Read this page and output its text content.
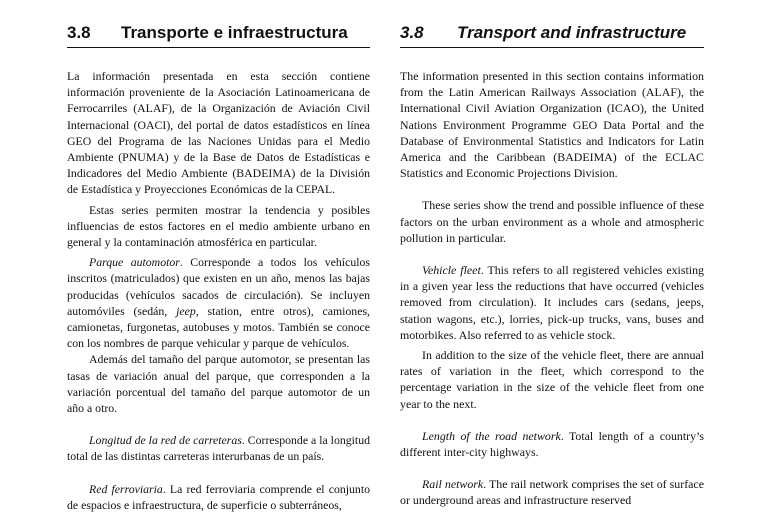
3.8 Transporte e infraestructura

La información presentada en esta sección contiene información proveniente de la Asociación Latinoamericana de Ferrocarriles (ALAF), de la Organización de Aviación Civil Internacional (OACI), del portal de datos estadísticos en línea GEO del Programa de las Naciones Unidas para el Medio Ambiente (PNUMA) y de la Base de Datos de Estadísticas e Indicadores del Medio Ambiente (BADEIMA) de la División de Estadística y Proyecciones Económicas de la CEPAL.

Estas series permiten mostrar la tendencia y posibles influencias de estos factores en el medio ambiente urbano en general y la contaminación atmosférica en particular.

Parque automotor. Corresponde a todos los vehículos inscritos (matriculados) que existen en un año, menos las bajas producidas (vehículos sacados de circulación). Se incluyen automóviles (sedán, jeep, station, entre otros), camiones, camionetas, furgonetas, autobuses y motos. También se conoce con los nombres de parque vehicular y parque de vehículos.

Además del tamaño del parque automotor, se presentan las tasas de variación anual del parque, que corresponden a la variación porcentual del tamaño del parque automotor de un año a otro.

Longitud de la red de carreteras. Corresponde a la longitud total de las distintas carreteras interurbanas de un país.

Red ferroviaria. La red ferroviaria comprende el conjunto de espacios e infraestructura, de superficie o subterráneos,

3.8 Transport and infrastructure

The information presented in this section contains information from the Latin American Railways Association (ALAF), the International Civil Aviation Organization (ICAO), the United Nations Environment Programme GEO Data Portal and the Database of Environmental Statistics and Indicators for Latin America and the Caribbean (BADEIMA) of the ECLAC Statistics and Economic Projections Division.

These series show the trend and possible influence of these factors on the urban environment as a whole and atmospheric pollution in particular.

Vehicle fleet. This refers to all registered vehicles existing in a given year less the reductions that have occurred (vehicles removed from circulation). It includes cars (sedans, jeeps, station wagons, etc.), lorries, pick-up trucks, vans, buses and motorbikes. Also referred to as vehicle stock.

In addition to the size of the vehicle fleet, there are annual rates of variation in the fleet, which correspond to the percentage variation in the size of the vehicle fleet from one year to the next.

Length of the road network. Total length of a country’s different inter-city highways.

Rail network. The rail network comprises the set of surface or underground areas and infrastructure reserved
